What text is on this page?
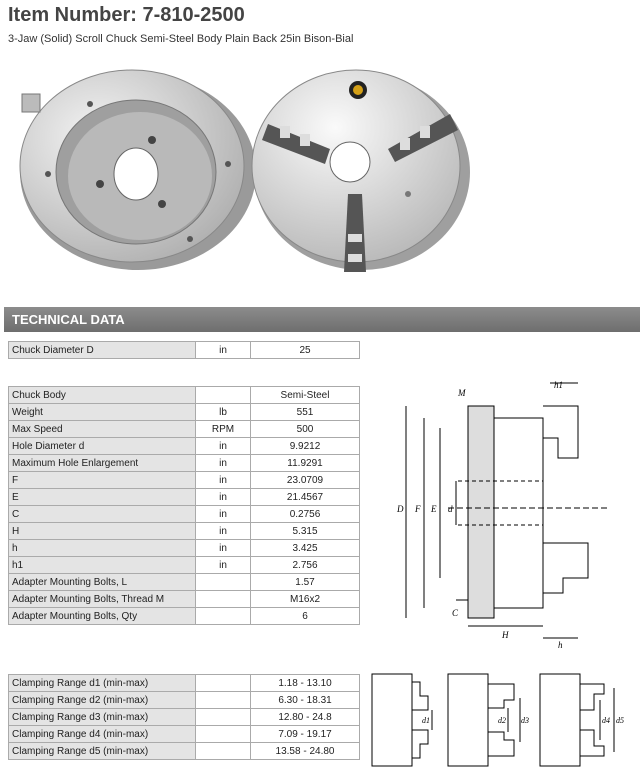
Item Number: 7-810-2500
3-Jaw (Solid) Scroll Chuck Semi-Steel Body Plain Back 25in Bison-Bial
TECHNICAL DATA
Chuck Diameter D	in	25
Chuck Body		Semi-Steel
Weight	lb	551
Max Speed	RPM	500
Hole Diameter d	in	9.9212
Maximum Hole Enlargement	in	11.9291
F	in	23.0709
E	in	21.4567
C	in	0.2756
H	in	5.315
h	in	3.425
h1	in	2.756
Adapter Mounting Bolts, L		1.57
Adapter Mounting Bolts, Thread M		M16x2
Adapter Mounting Bolts, Qty		6
Clamping Range d1 (min-max)		1.18 - 13.10
Clamping Range d2 (min-max)		6.30 - 18.31
Clamping Range d3 (min-max)		12.80 - 24.8
Clamping Range d4 (min-max)		7.09 - 19.17
Clamping Range d5 (min-max)		13.58 - 24.80
M
h1
D F E d
C
H
h
d1	d2 d3	d4 d5
